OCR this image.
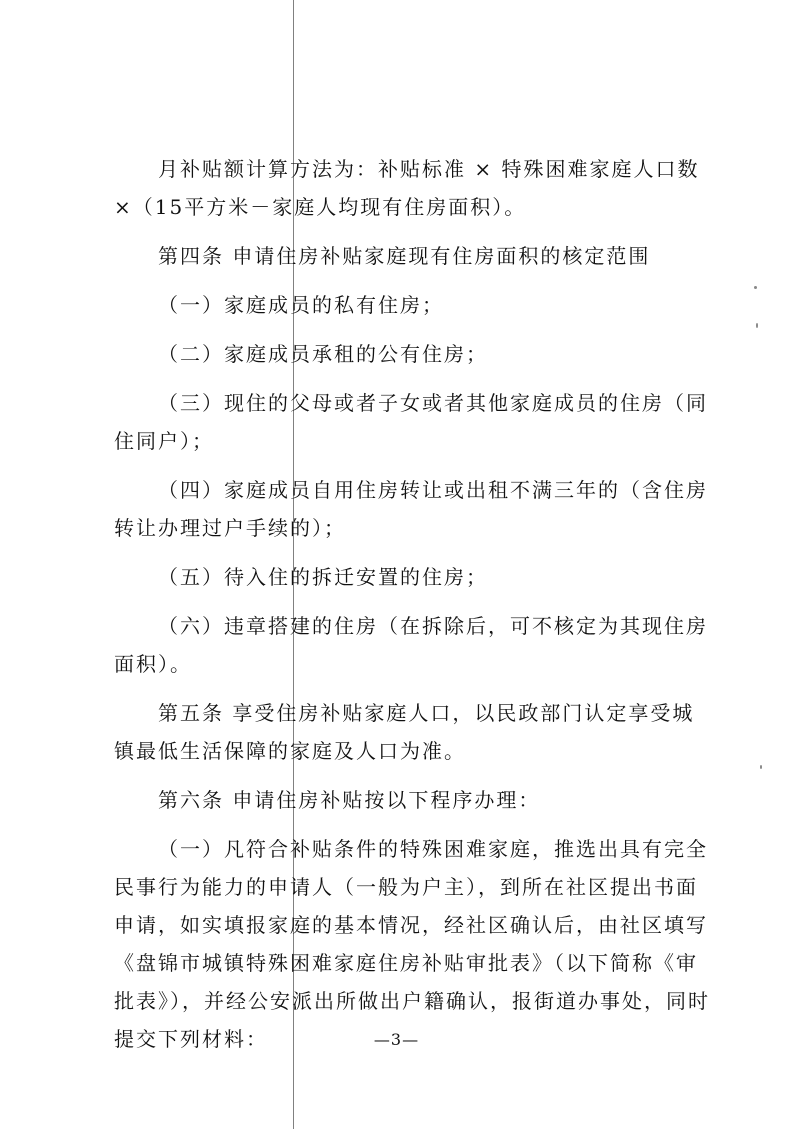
月补贴额计算方法为：补贴标准 × 特殊困难家庭人口数 ×（15平方米－家庭人均现有住房面积）。

第四条 申请住房补贴家庭现有住房面积的核定范围

（一）家庭成员的私有住房；

（二）家庭成员承租的公有住房；

（三）现住的父母或者子女或者其他家庭成员的住房（同住同户）；

（四）家庭成员自用住房转让或出租不满三年的（含住房转让办理过户手续的）；

（五）待入住的拆迁安置的住房；

（六）违章搭建的住房（在拆除后，可不核定为其现住房面积）。

第五条 享受住房补贴家庭人口，以民政部门认定享受城镇最低生活保障的家庭及人口为准。

第六条 申请住房补贴按以下程序办理：

（一）凡符合补贴条件的特殊困难家庭，推选出具有完全民事行为能力的申请人（一般为户主），到所在社区提出书面申请，如实填报家庭的基本情况，经社区确认后，由社区填写《盘锦市城镇特殊困难家庭住房补贴审批表》（以下简称《审批表》），并经公安派出所做出户籍确认，报街道办事处，同时提交下列材料：	—3—
